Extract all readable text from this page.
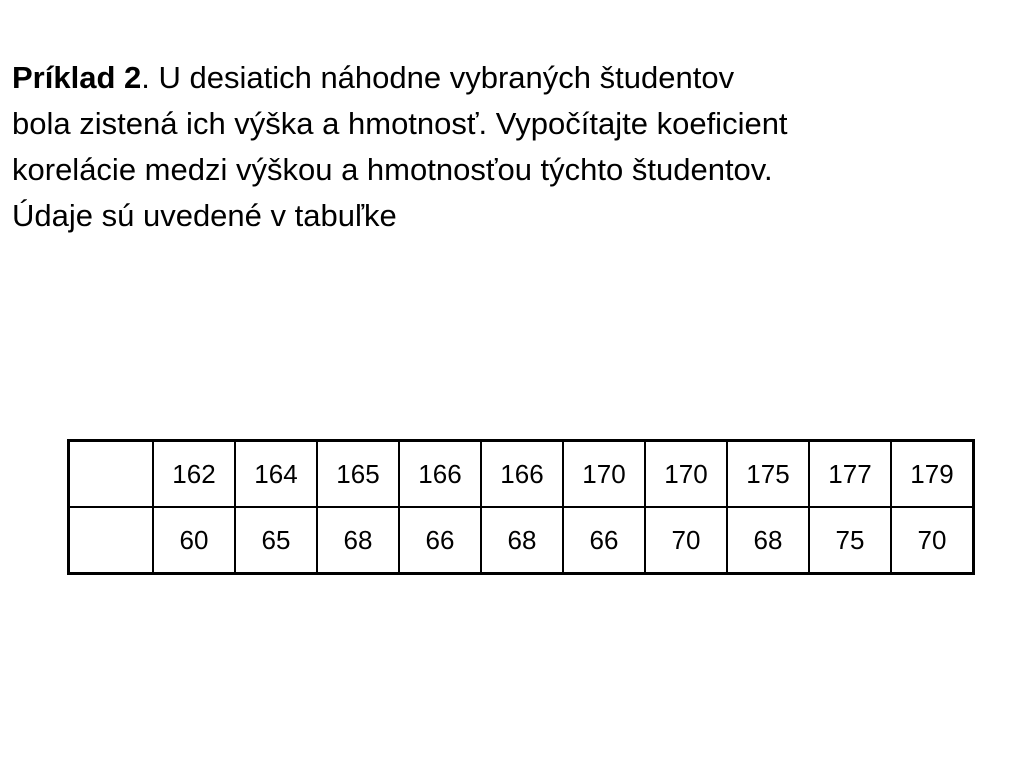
Príklad 2. U desiatich náhodne vybraných študentov
bola zistená ich výška a hmotnosť. Vypočítajte koeficient
korelácie medzi výškou a hmotnosťou týchto študentov.
Údaje sú uvedené v tabuľke
	162	164	165	166	166	170	170	175	177	179
	60	65	68	66	68	66	70	68	75	70
